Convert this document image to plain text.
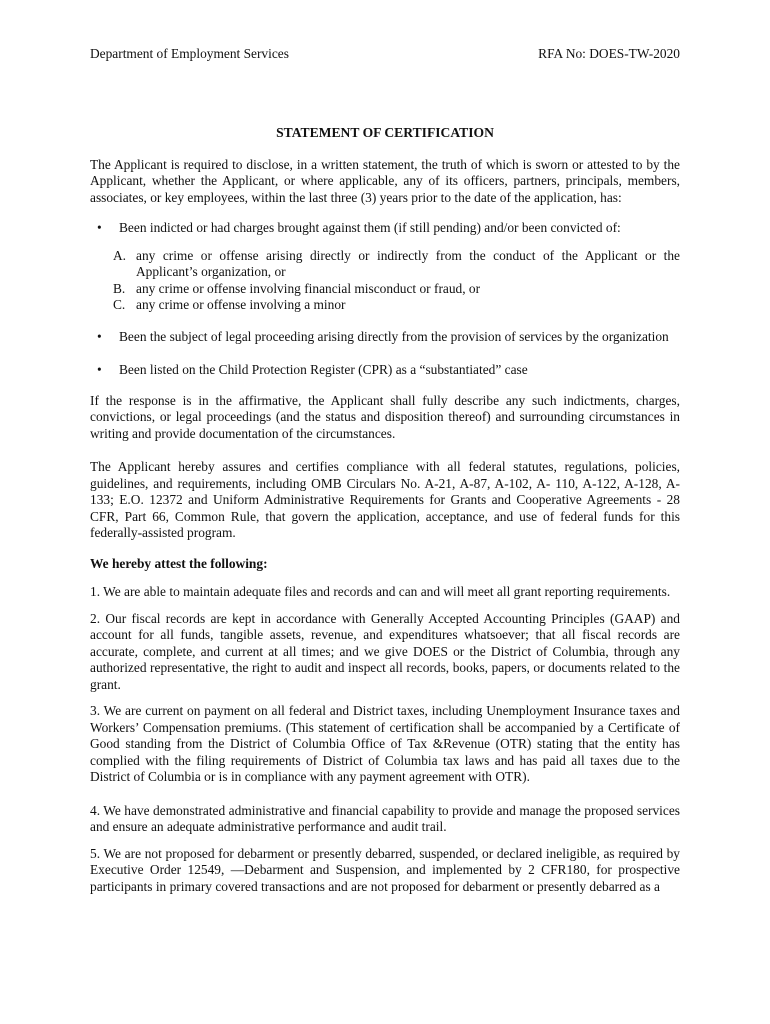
Department of Employment Services	RFA No: DOES-TW-2020
STATEMENT OF CERTIFICATION

The Applicant is required to disclose, in a written statement, the truth of which is sworn or attested to by the Applicant, whether the Applicant, or where applicable, any of its officers, partners, principals, members, associates, or key employees, within the last three (3) years prior to the date of the application, has:

• Been indicted or had charges brought against them (if still pending) and/or been convicted of:
A. any crime or offense arising directly or indirectly from the conduct of the Applicant or the Applicant’s organization, or
B. any crime or offense involving financial misconduct or fraud, or
C. any crime or offense involving a minor
• Been the subject of legal proceeding arising directly from the provision of services by the organization
• Been listed on the Child Protection Register (CPR) as a “substantiated” case

If the response is in the affirmative, the Applicant shall fully describe any such indictments, charges, convictions, or legal proceedings (and the status and disposition thereof) and surrounding circumstances in writing and provide documentation of the circumstances.

The Applicant hereby assures and certifies compliance with all federal statutes, regulations, policies, guidelines, and requirements, including OMB Circulars No. A-21, A-87, A-102, A- 110, A-122, A-128, A-133; E.O. 12372 and Uniform Administrative Requirements for Grants and Cooperative Agreements - 28 CFR, Part 66, Common Rule, that govern the application, acceptance, and use of federal funds for this federally-assisted program.

We hereby attest the following:

1. We are able to maintain adequate files and records and can and will meet all grant reporting requirements.

2. Our fiscal records are kept in accordance with Generally Accepted Accounting Principles (GAAP) and account for all funds, tangible assets, revenue, and expenditures whatsoever; that all fiscal records are accurate, complete, and current at all times; and we give DOES or the District of Columbia, through any authorized representative, the right to audit and inspect all records, books, papers, or documents related to the grant.

3. We are current on payment on all federal and District taxes, including Unemployment Insurance taxes and Workers’ Compensation premiums. (This statement of certification shall be accompanied by a Certificate of Good standing from the District of Columbia Office of Tax &Revenue (OTR) stating that the entity has complied with the filing requirements of District of Columbia tax laws and has paid all taxes due to the District of Columbia or is in compliance with any payment agreement with OTR).

4. We have demonstrated administrative and financial capability to provide and manage the proposed services and ensure an adequate administrative performance and audit trail.

5. We are not proposed for debarment or presently debarred, suspended, or declared ineligible, as required by Executive Order 12549, —Debarment and Suspension, and implemented by 2 CFR180, for prospective participants in primary covered transactions and are not proposed for debarment or presently debarred as a
